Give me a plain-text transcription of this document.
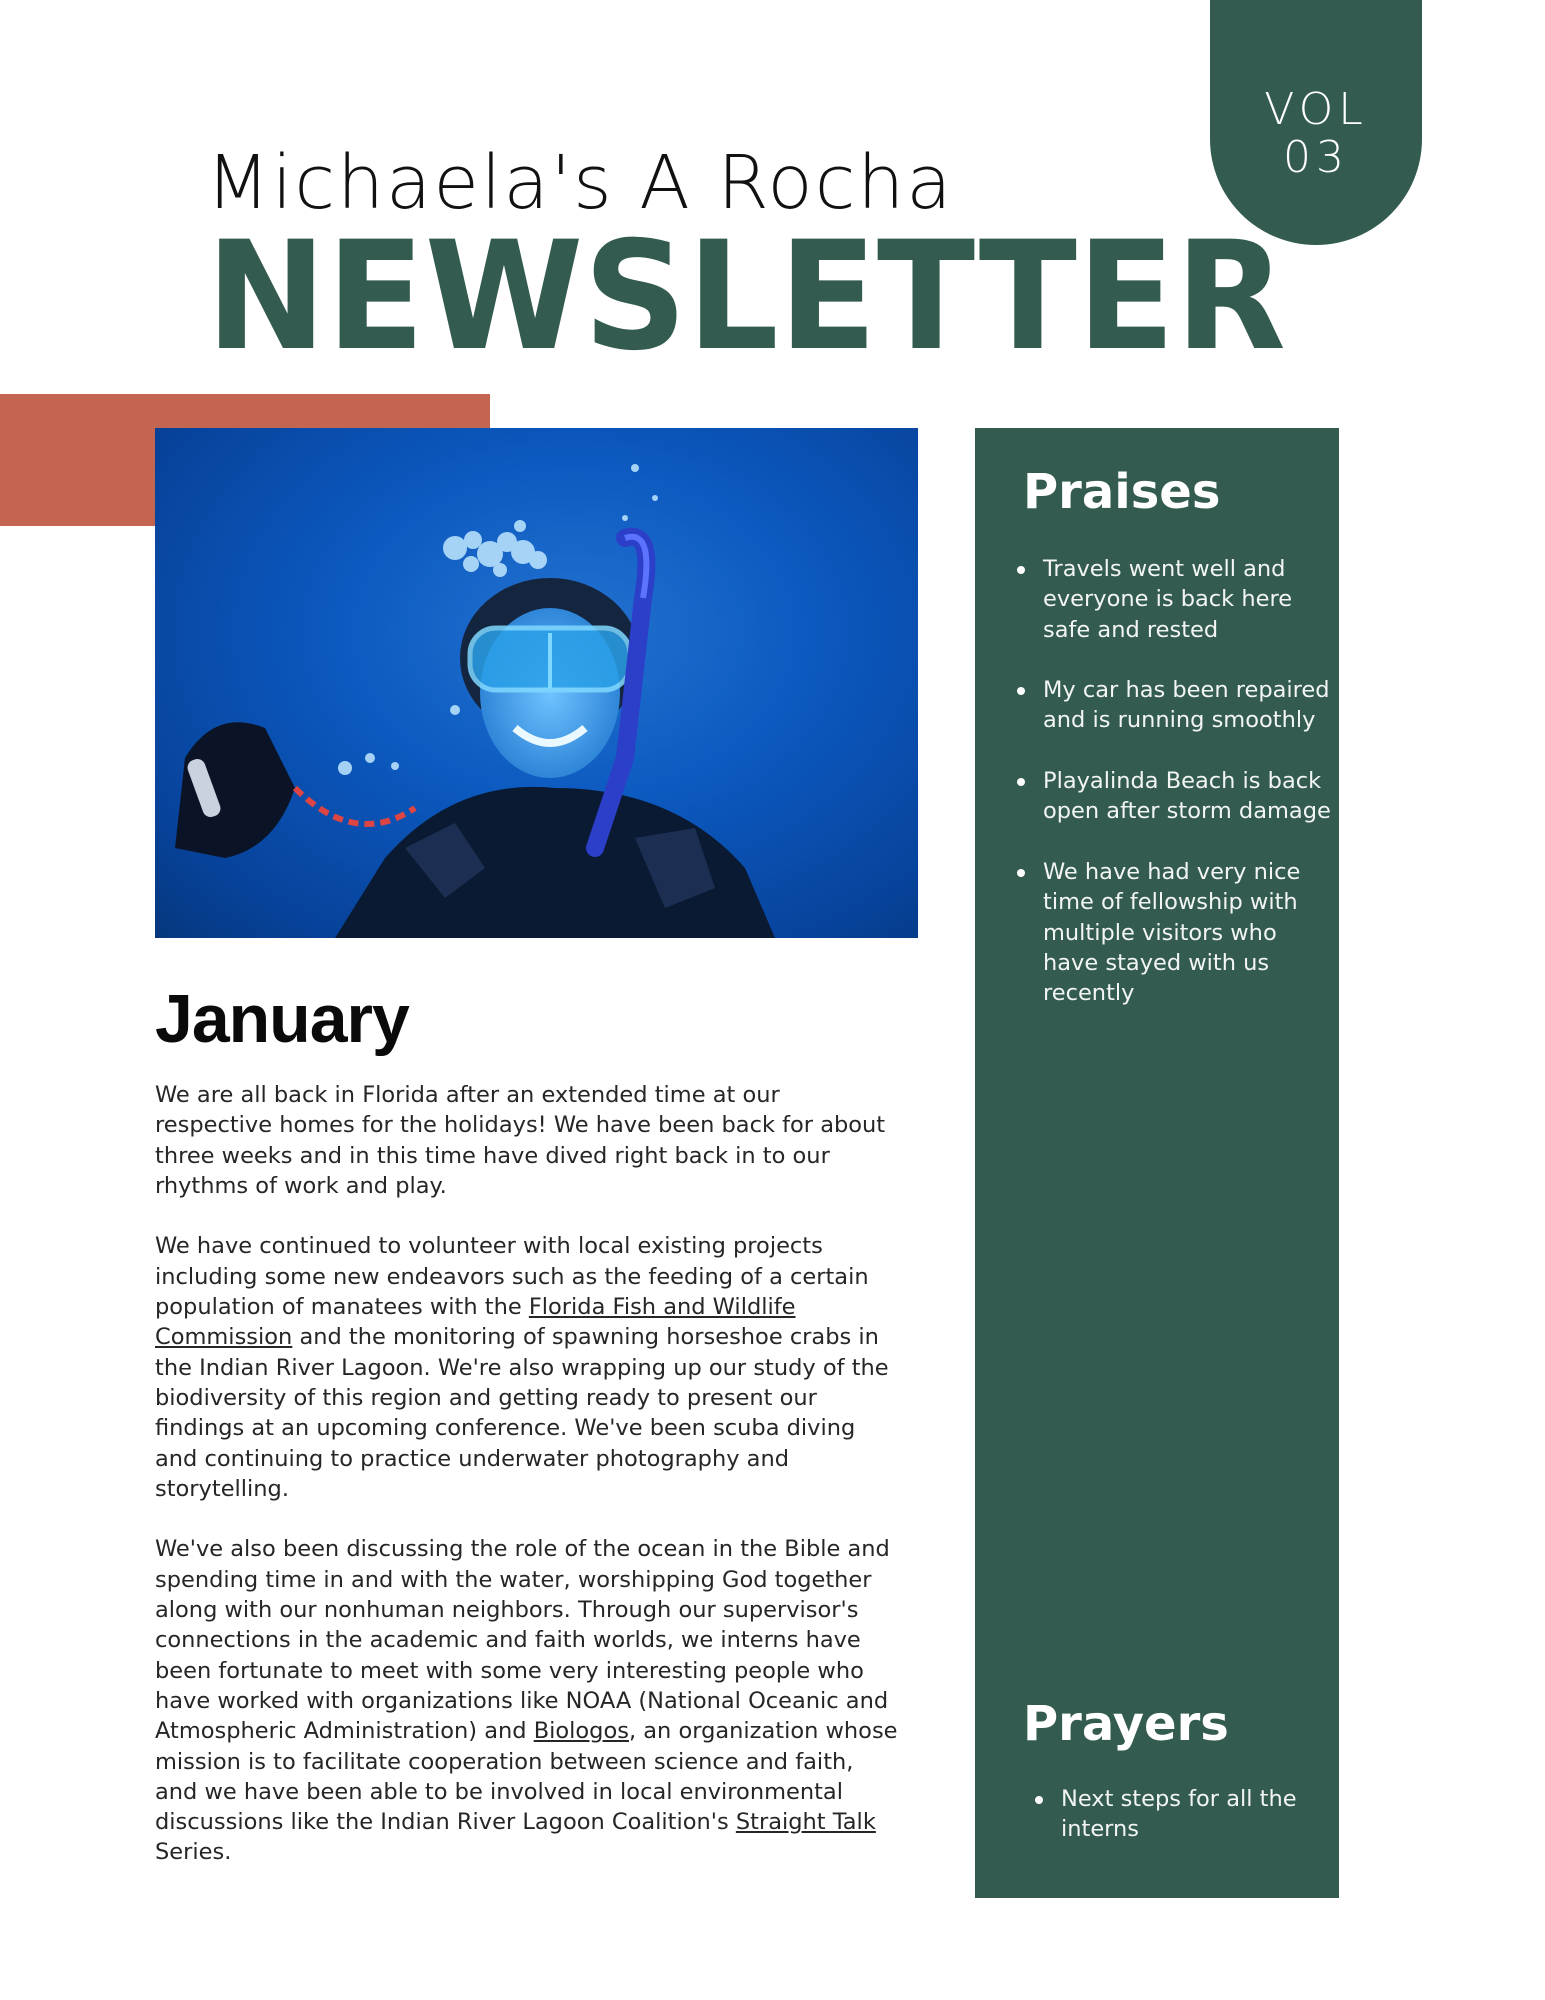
VOL
03
Michaela's A Rocha
NEWSLETTER
January

We are all back in Florida after an extended time at our respective homes for the holidays! We have been back for about three weeks and in this time have dived right back in to our rhythms of work and play.

We have continued to volunteer with local existing projects including some new endeavors such as the feeding of a certain population of manatees with the Florida Fish and Wildlife Commission and the monitoring of spawning horseshoe crabs in the Indian River Lagoon. We're also wrapping up our study of the biodiversity of this region and getting ready to present our findings at an upcoming conference. We've been scuba diving and continuing to practice underwater photography and storytelling.

We've also been discussing the role of the ocean in the Bible and spending time in and with the water, worshipping God together along with our nonhuman neighbors. Through our supervisor's connections in the academic and faith worlds, we interns have been fortunate to meet with some very interesting people who have worked with organizations like NOAA (National Oceanic and Atmospheric Administration) and Biologos, an organization whose mission is to facilitate cooperation between science and faith, and we have been able to be involved in local environmental discussions like the Indian River Lagoon Coalition's Straight Talk Series.

Praises
Travels went well and everyone is back here safe and rested
My car has been repaired and is running smoothly
Playalinda Beach is back open after storm damage
We have had very nice time of fellowship with multiple visitors who have stayed with us recently
Prayers
Next steps for all the interns
